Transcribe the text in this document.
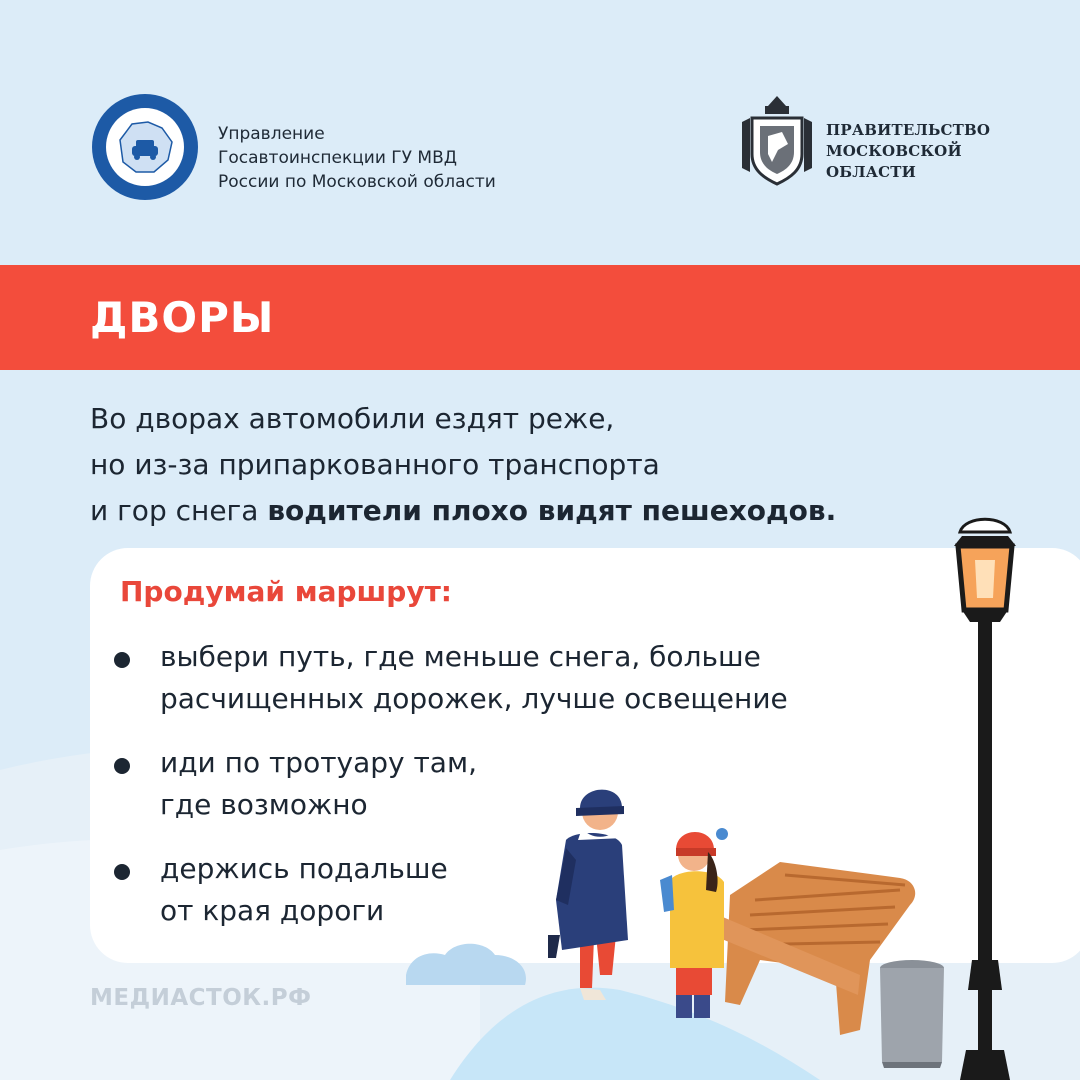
Управление
Госавтоинспекции ГУ МВД
России по Московской области
ПРАВИТЕЛЬСТВО
МОСКОВСКОЙ
ОБЛАСТИ
ДВОРЫ
Во дворах автомобили ездят реже,
но из-за припаркованного транспорта
и гор снега водители плохо видят пешеходов.
Продумай маршрут:
выбери путь, где меньше снега, больше
расчищенных дорожек, лучше освещение
иди по тротуару там,
где возможно
держись подальше
от края дороги
МЕДИАСТОК.РФ
